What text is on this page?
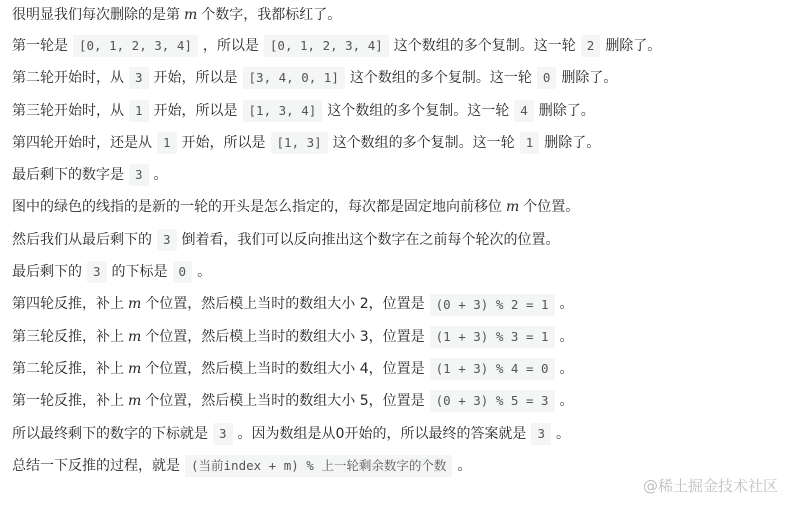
很明显我们每次删除的是第 m 个数字，我都标红了。
第一轮是 [0, 1, 2, 3, 4] ，所以是 [0, 1, 2, 3, 4] 这个数组的多个复制。这一轮 2 删除了。
第二轮开始时，从 3 开始，所以是 [3, 4, 0, 1] 这个数组的多个复制。这一轮 0 删除了。
第三轮开始时，从 1 开始，所以是 [1, 3, 4] 这个数组的多个复制。这一轮 4 删除了。
第四轮开始时，还是从 1 开始，所以是 [1, 3] 这个数组的多个复制。这一轮 1 删除了。
最后剩下的数字是 3 。
图中的绿色的线指的是新的一轮的开头是怎么指定的，每次都是固定地向前移位 m 个位置。
然后我们从最后剩下的 3 倒着看，我们可以反向推出这个数字在之前每个轮次的位置。
最后剩下的 3 的下标是 0 。
第四轮反推，补上 m 个位置，然后模上当时的数组大小 2，位置是 (0 + 3) % 2 = 1 。
第三轮反推，补上 m 个位置，然后模上当时的数组大小 3，位置是 (1 + 3) % 3 = 1 。
第二轮反推，补上 m 个位置，然后模上当时的数组大小 4，位置是 (1 + 3) % 4 = 0 。
第一轮反推，补上 m 个位置，然后模上当时的数组大小 5，位置是 (0 + 3) % 5 = 3 。
所以最终剩下的数字的下标就是 3 。因为数组是从0开始的，所以最终的答案就是 3 。
总结一下反推的过程，就是 (当前index + m) % 上一轮剩余数字的个数 。
@稀土掘金技术社区
